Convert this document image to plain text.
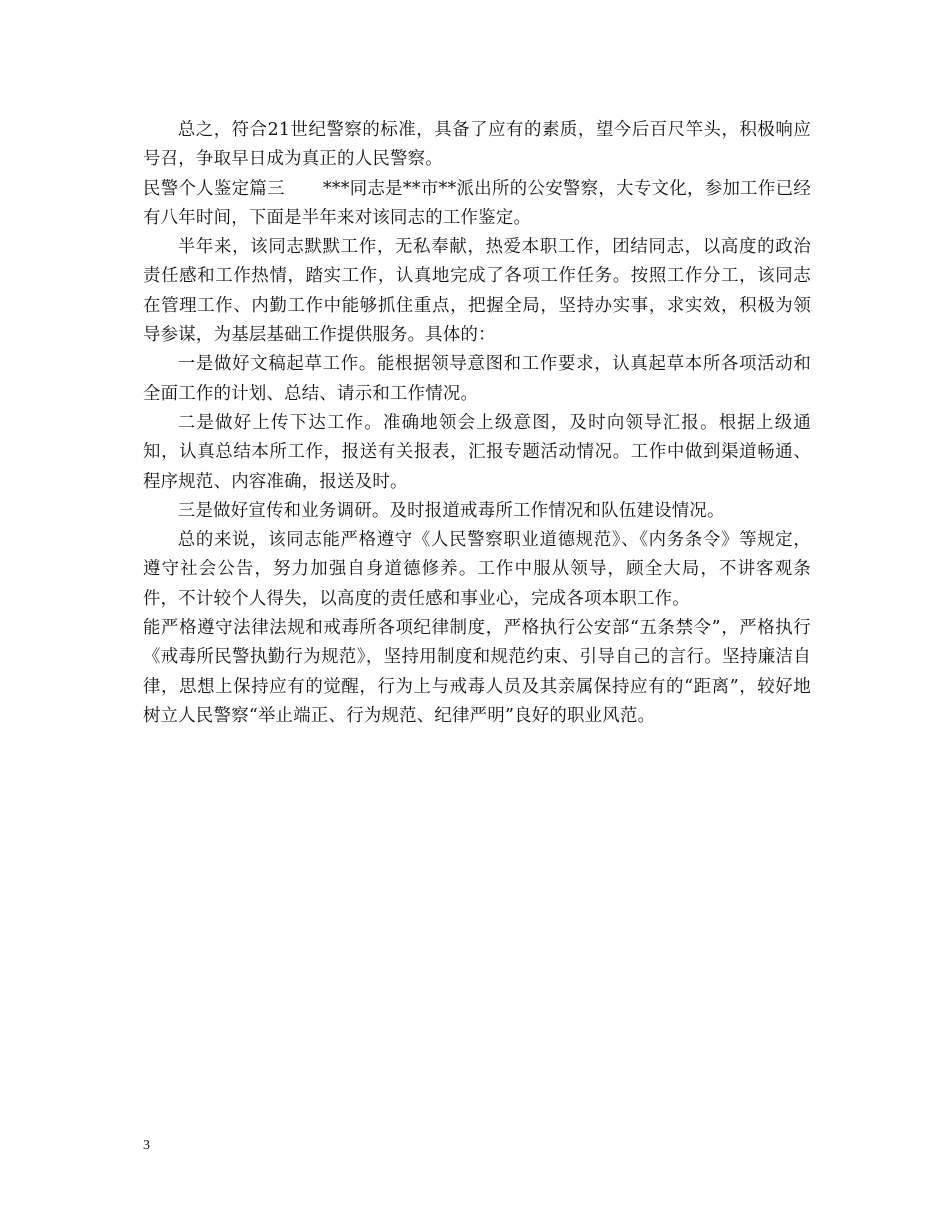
总之，符合21世纪警察的标准，具备了应有的素质，望今后百尺竿头，积极响应号召，争取早日成为真正的人民警察。

民警个人鉴定篇三 ***同志是**市**派出所的公安警察，大专文化，参加工作已经有八年时间，下面是半年来对该同志的工作鉴定。

半年来，该同志默默工作，无私奉献，热爱本职工作，团结同志，以高度的政治责任感和工作热情，踏实工作，认真地完成了各项工作任务。按照工作分工，该同志在管理工作、内勤工作中能够抓住重点，把握全局，坚持办实事，求实效，积极为领导参谋，为基层基础工作提供服务。具体的：

一是做好文稿起草工作。能根据领导意图和工作要求，认真起草本所各项活动和全面工作的计划、总结、请示和工作情况。

二是做好上传下达工作。准确地领会上级意图，及时向领导汇报。根据上级通知，认真总结本所工作，报送有关报表，汇报专题活动情况。工作中做到渠道畅通、程序规范、内容准确，报送及时。

三是做好宣传和业务调研。及时报道戒毒所工作情况和队伍建设情况。

总的来说，该同志能严格遵守《人民警察职业道德规范》、《内务条令》等规定，遵守社会公告，努力加强自身道德修养。工作中服从领导，顾全大局，不讲客观条件，不计较个人得失，以高度的责任感和事业心，完成各项本职工作。

能严格遵守法律法规和戒毒所各项纪律制度，严格执行公安部“五条禁令”，严格执行《戒毒所民警执勤行为规范》，坚持用制度和规范约束、引导自己的言行。坚持廉洁自律，思想上保持应有的觉醒，行为上与戒毒人员及其亲属保持应有的“距离”，较好地树立人民警察“举止端正、行为规范、纪律严明”良好的职业风范。

3
